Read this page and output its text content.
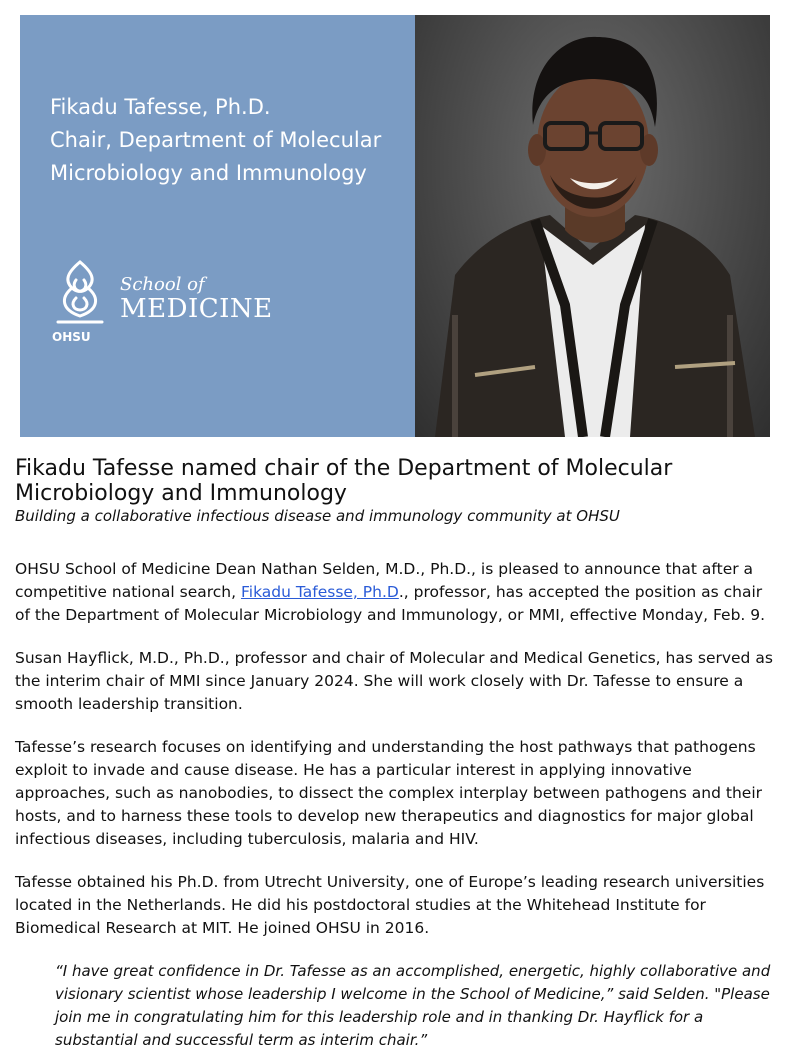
Fikadu Tafesse, Ph.D.
Chair, Department of Molecular
Microbiology and Immunology
OHSU
School of
MEDICINE
Fikadu Tafesse named chair of the Department of Molecular Microbiology and Immunology
Building a collaborative infectious disease and immunology community at OHSU

OHSU School of Medicine Dean Nathan Selden, M.D., Ph.D., is pleased to announce that after a competitive national search, Fikadu Tafesse, Ph.D., professor, has accepted the position as chair of the Department of Molecular Microbiology and Immunology, or MMI, effective Monday, Feb. 9.

Susan Hayflick, M.D., Ph.D., professor and chair of Molecular and Medical Genetics, has served as the interim chair of MMI since January 2024. She will work closely with Dr. Tafesse to ensure a smooth leadership transition.

Tafesse’s research focuses on identifying and understanding the host pathways that pathogens exploit to invade and cause disease. He has a particular interest in applying innovative approaches, such as nanobodies, to dissect the complex interplay between pathogens and their hosts, and to harness these tools to develop new therapeutics and diagnostics for major global infectious diseases, including tuberculosis, malaria and HIV.

Tafesse obtained his Ph.D. from Utrecht University, one of Europe’s leading research universities located in the Netherlands. He did his postdoctoral studies at the Whitehead Institute for Biomedical Research at MIT. He joined OHSU in 2016.

“I have great confidence in Dr. Tafesse as an accomplished, energetic, highly collaborative and visionary scientist whose leadership I welcome in the School of Medicine,” said Selden. "Please join me in congratulating him for this leadership role and in thanking Dr. Hayflick for a substantial and successful term as interim chair.”
